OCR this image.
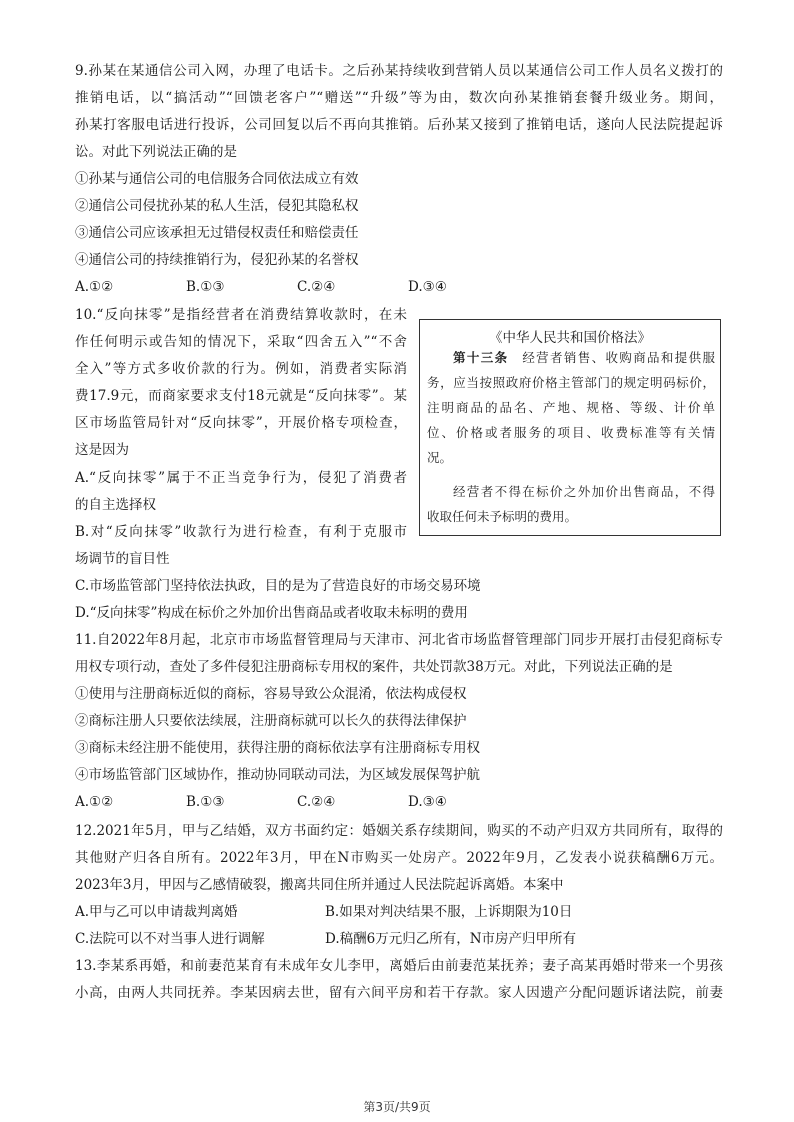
9.孙某在某通信公司入网，办理了电话卡。之后孙某持续收到营销人员以某通信公司工作人员名义拨打的
推销电话，以“搞活动”“回馈老客户”“赠送”“升级”等为由，数次向孙某推销套餐升级业务。期间，
孙某打客服电话进行投诉，公司回复以后不再向其推销。后孙某又接到了推销电话，遂向人民法院提起诉
讼。对此下列说法正确的是
①孙某与通信公司的电信服务合同依法成立有效
②通信公司侵扰孙某的私人生活，侵犯其隐私权
③通信公司应该承担无过错侵权责任和赔偿责任
④通信公司的持续推销行为，侵犯孙某的名誉权
A.①②	B.①③	C.②④	D.③④
10.“反向抹零”是指经营者在消费结算收款时，在未
作任何明示或告知的情况下，采取“四舍五入”“不舍
全入”等方式多收价款的行为。例如，消费者实际消
费17.9元，而商家要求支付18元就是“反向抹零”。某
区市场监管局针对“反向抹零”，开展价格专项检查，
这是因为
A.“反向抹零”属于不正当竞争行为，侵犯了消费者
的自主选择权
B.对“反向抹零”收款行为进行检查，有利于克服市
场调节的盲目性
C.市场监管部门坚持依法执政，目的是为了营造良好的市场交易环境
D.“反向抹零”构成在标价之外加价出售商品或者收取未标明的费用
《中华人民共和国价格法》
第十三条  经营者销售、收购商品和提供服
务，应当按照政府价格主管部门的规定明码标价，
注明商品的品名、产地、规格、等级、计价单
位、价格或者服务的项目、收费标准等有关情
况。
经营者不得在标价之外加价出售商品，不得
收取任何未予标明的费用。
11.自2022年8月起，北京市市场监督管理局与天津市、河北省市场监督管理部门同步开展打击侵犯商标专
用权专项行动，查处了多件侵犯注册商标专用权的案件，共处罚款38万元。对此，下列说法正确的是
①使用与注册商标近似的商标，容易导致公众混淆，依法构成侵权
②商标注册人只要依法续展，注册商标就可以长久的获得法律保护
③商标未经注册不能使用，获得注册的商标依法享有注册商标专用权
④市场监管部门区域协作，推动协同联动司法，为区域发展保驾护航
A.①②	B.①③	C.②④	D.③④
12.2021年5月，甲与乙结婚，双方书面约定：婚姻关系存续期间，购买的不动产归双方共同所有，取得的
其他财产归各自所有。2022年3月，甲在N市购买一处房产。2022年9月，乙发表小说获稿酬6万元。
2023年3月，甲因与乙感情破裂，搬离共同住所并通过人民法院起诉离婚。本案中
A.甲与乙可以申请裁判离婚	B.如果对判决结果不服，上诉期限为10日
C.法院可以不对当事人进行调解	D.稿酬6万元归乙所有，N市房产归甲所有
13.李某系再婚，和前妻范某育有未成年女儿李甲，离婚后由前妻范某抚养；妻子高某再婚时带来一个男孩
小高，由两人共同抚养。李某因病去世，留有六间平房和若干存款。家人因遗产分配问题诉诸法院，前妻
第3页/共9页
